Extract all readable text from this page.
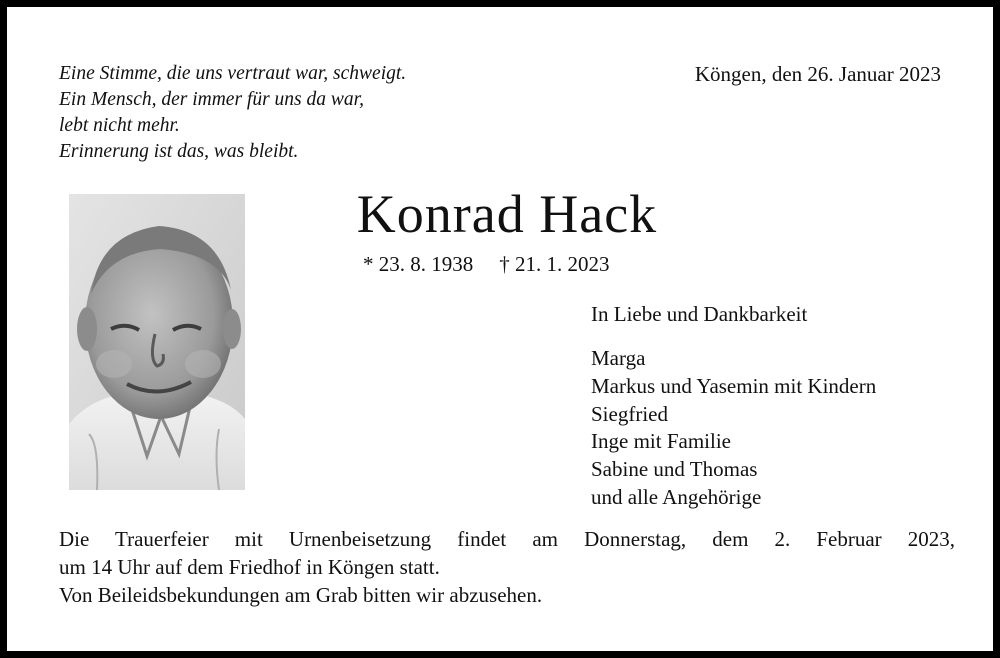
Eine Stimme, die uns vertraut war, schweigt.
Ein Mensch, der immer für uns da war,
lebt nicht mehr.
Erinnerung ist das, was bleibt.
Köngen, den 26. Januar 2023
Konrad Hack
* 23. 8. 1938 † 21. 1. 2023
In Liebe und Dankbarkeit
Marga
Markus und Yasemin mit Kindern
Siegfried
Inge mit Familie
Sabine und Thomas
und alle Angehörige
Die Trauerfeier mit Urnenbeisetzung findet am Donnerstag, dem 2. Februar 2023,
um 14 Uhr auf dem Friedhof in Köngen statt.
Von Beileidsbekundungen am Grab bitten wir abzusehen.
